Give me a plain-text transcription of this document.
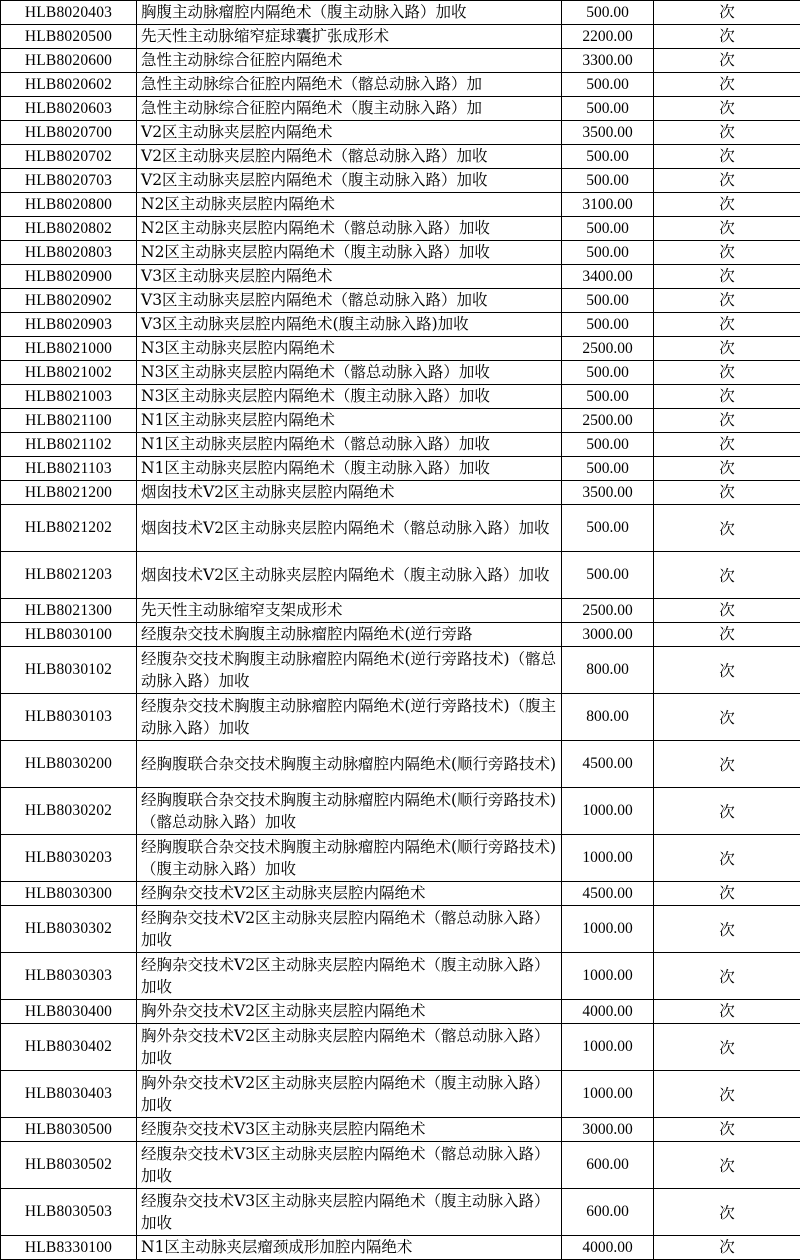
HLB8020403	胸腹主动脉瘤腔内隔绝术（腹主动脉入路）加收	500.00	次
HLB8020500	先天性主动脉缩窄症球囊扩张成形术	2200.00	次
HLB8020600	急性主动脉综合征腔内隔绝术	3300.00	次
HLB8020602	急性主动脉综合征腔内隔绝术（髂总动脉入路）加	500.00	次
HLB8020603	急性主动脉综合征腔内隔绝术（腹主动脉入路）加	500.00	次
HLB8020700	V2区主动脉夹层腔内隔绝术	3500.00	次
HLB8020702	V2区主动脉夹层腔内隔绝术（髂总动脉入路）加收	500.00	次
HLB8020703	V2区主动脉夹层腔内隔绝术（腹主动脉入路）加收	500.00	次
HLB8020800	N2区主动脉夹层腔内隔绝术	3100.00	次
HLB8020802	N2区主动脉夹层腔内隔绝术（髂总动脉入路）加收	500.00	次
HLB8020803	N2区主动脉夹层腔内隔绝术（腹主动脉入路）加收	500.00	次
HLB8020900	V3区主动脉夹层腔内隔绝术	3400.00	次
HLB8020902	V3区主动脉夹层腔内隔绝术（髂总动脉入路）加收	500.00	次
HLB8020903	V3区主动脉夹层腔内隔绝术(腹主动脉入路)加收	500.00	次
HLB8021000	N3区主动脉夹层腔内隔绝术	2500.00	次
HLB8021002	N3区主动脉夹层腔内隔绝术（髂总动脉入路）加收	500.00	次
HLB8021003	N3区主动脉夹层腔内隔绝术（腹主动脉入路）加收	500.00	次
HLB8021100	N1区主动脉夹层腔内隔绝术	2500.00	次
HLB8021102	N1区主动脉夹层腔内隔绝术（髂总动脉入路）加收	500.00	次
HLB8021103	N1区主动脉夹层腔内隔绝术（腹主动脉入路）加收	500.00	次
HLB8021200	烟囱技术V2区主动脉夹层腔内隔绝术	3500.00	次
HLB8021202	烟囱技术V2区主动脉夹层腔内隔绝术（髂总动脉入路）加收	500.00	次
HLB8021203	烟囱技术V2区主动脉夹层腔内隔绝术（腹主动脉入路）加收	500.00	次
HLB8021300	先天性主动脉缩窄支架成形术	2500.00	次
HLB8030100	经腹杂交技术胸腹主动脉瘤腔内隔绝术(逆行旁路	3000.00	次
HLB8030102	经腹杂交技术胸腹主动脉瘤腔内隔绝术(逆行旁路技术)（髂总动脉入路）加收	800.00	次
HLB8030103	经腹杂交技术胸腹主动脉瘤腔内隔绝术(逆行旁路技术)（腹主动脉入路）加收	800.00	次
HLB8030200	经胸腹联合杂交技术胸腹主动脉瘤腔内隔绝术(顺行旁路技术)	4500.00	次
HLB8030202	经胸腹联合杂交技术胸腹主动脉瘤腔内隔绝术(顺行旁路技术)（髂总动脉入路）加收	1000.00	次
HLB8030203	经胸腹联合杂交技术胸腹主动脉瘤腔内隔绝术(顺行旁路技术)（腹主动脉入路）加收	1000.00	次
HLB8030300	经胸杂交技术V2区主动脉夹层腔内隔绝术	4500.00	次
HLB8030302	经胸杂交技术V2区主动脉夹层腔内隔绝术（髂总动脉入路）加收	1000.00	次
HLB8030303	经胸杂交技术V2区主动脉夹层腔内隔绝术（腹主动脉入路）加收	1000.00	次
HLB8030400	胸外杂交技术V2区主动脉夹层腔内隔绝术	4000.00	次
HLB8030402	胸外杂交技术V2区主动脉夹层腔内隔绝术（髂总动脉入路）加收	1000.00	次
HLB8030403	胸外杂交技术V2区主动脉夹层腔内隔绝术（腹主动脉入路）加收	1000.00	次
HLB8030500	经腹杂交技术V3区主动脉夹层腔内隔绝术	3000.00	次
HLB8030502	经腹杂交技术V3区主动脉夹层腔内隔绝术（髂总动脉入路）加收	600.00	次
HLB8030503	经腹杂交技术V3区主动脉夹层腔内隔绝术（腹主动脉入路）加收	600.00	次
HLB8330100	N1区主动脉夹层瘤颈成形加腔内隔绝术	4000.00	次
